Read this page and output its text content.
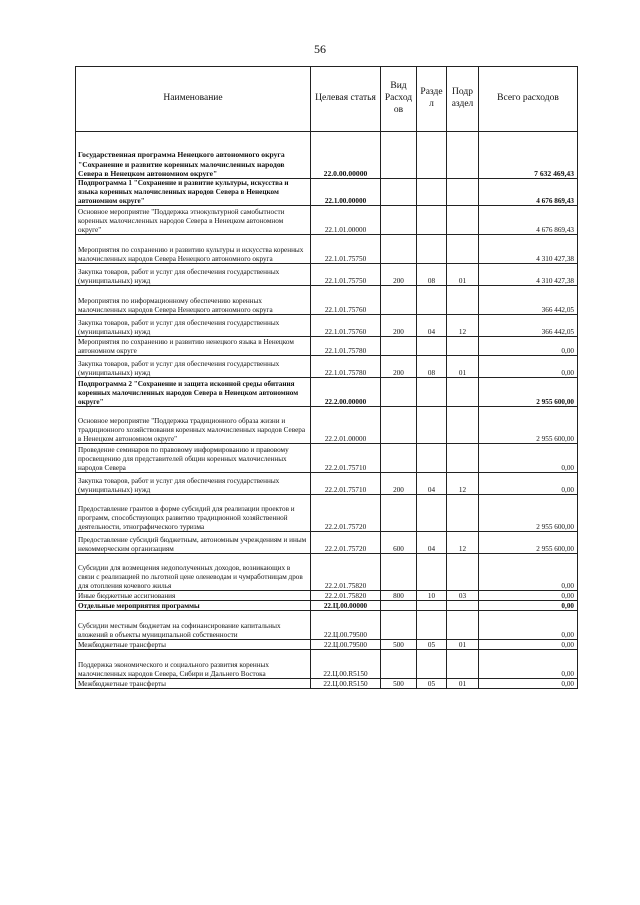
56
Наименование	Целевая статья	Вид Расход ов	Разде л	Подр аздел	Всего расходов
Государственная программа Ненецкого автономного округа "Сохранение и развитие коренных малочисленных народов Севера в Ненецком автономном округе"	22.0.00.00000				7 632 469,43
Подпрограмма 1 "Сохранение и развитие культуры, искусства и языка коренных малочисленных народов Севера в Ненецком автономном округе"	22.1.00.00000				4 676 869,43
Основное мероприятие "Поддержка этнокультурной самобытности коренных малочисленных народов Севера в Ненецком автономном округе"	22.1.01.00000				4 676 869,43
Мероприятия по сохранению и развитию культуры и искусства коренных малочисленных народов Севера Ненецкого автономного округа	22.1.01.75750				4 310 427,38
Закупка товаров, работ и услуг для обеспечения государственных (муниципальных) нужд	22.1.01.75750	200	08	01	4 310 427,38
Мероприятия по информационному обеспечению коренных малочисленных народов Севера Ненецкого автономного округа	22.1.01.75760				366 442,05
Закупка товаров, работ и услуг для обеспечения государственных (муниципальных) нужд	22.1.01.75760	200	04	12	366 442,05
Мероприятия по сохранению и развитию ненецкого языка в Ненецком автономном округе	22.1.01.75780				0,00
Закупка товаров, работ и услуг для обеспечения государственных (муниципальных) нужд	22.1.01.75780	200	08	01	0,00
Подпрограмма 2 "Сохранение и защита исконной среды обитания коренных малочисленных народов Севера в Ненецком автономном округе"	22.2.00.00000				2 955 600,00
Основное мероприятие "Поддержка традиционного образа жизни и традиционного хозяйствования коренных малочисленных народов Севера в Ненецком автономном округе"	22.2.01.00000				2 955 600,00
Проведение семинаров по правовому информированию и правовому просвещению для представителей общин коренных малочисленных народов Севера	22.2.01.75710				0,00
Закупка товаров, работ и услуг для обеспечения государственных (муниципальных) нужд	22.2.01.75710	200	04	12	0,00
Предоставление грантов в форме субсидий для реализации проектов и программ, способствующих развитию традиционной хозяйственной деятельности, этнографического туризма	22.2.01.75720				2 955 600,00
Предоставление субсидий бюджетным, автономным учреждениям и иным некоммерческим организациям	22.2.01.75720	600	04	12	2 955 600,00
Субсидии для возмещения недополученных доходов, возникающих в связи с реализацией по льготной цене оленеводам и чумработницам дров для отопления кочевого жилья	22.2.01.75820				0,00
Иные бюджетные ассигнования	22.2.01.75820	800	10	03	0,00
Отдельные мероприятия программы	22.Ц.00.00000				0,00
Субсидии местным бюджетам на софинансирование капитальных вложений в объекты муниципальной собственности	22.Ц.00.79500				0,00
Межбюджетные трансферты	22.Ц.00.79500	500	05	01	0,00
Поддержка экономического и социального развития коренных малочисленных народов Севера, Сибири и Дальнего Востока	22.Ц.00.R5150				0,00
Межбюджетные трансферты	22.Ц.00.R5150	500	05	01	0,00
